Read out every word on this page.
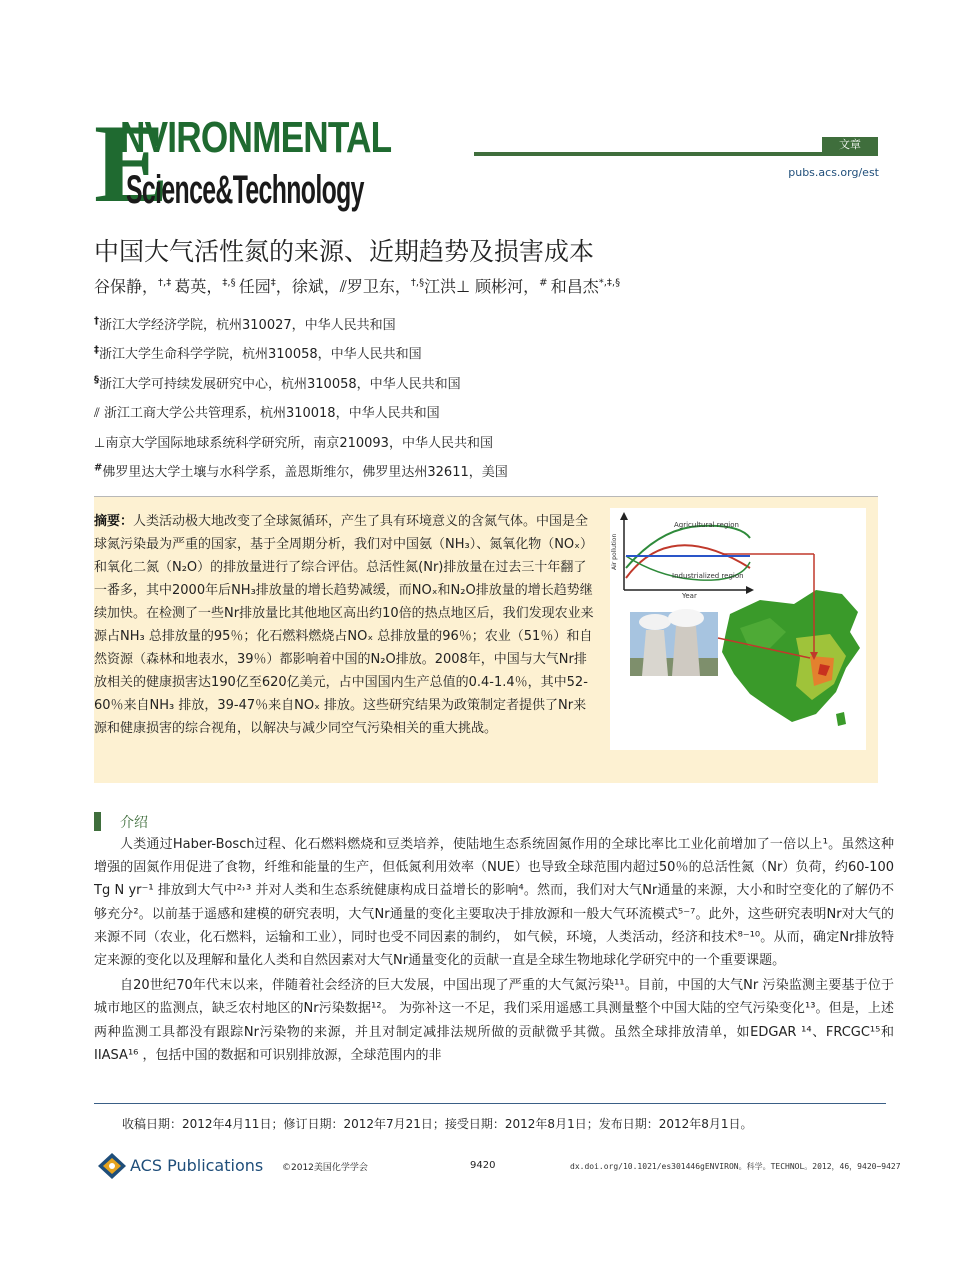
E
NVIRONMENTAL
Science&Technology
文章
pubs.acs.org/est
中国大气活性氮的来源、近期趋势及损害成本
谷保静，†,‡ 葛英，‡,§ 任园‡，徐斌，⫽罗卫东，†,§江洪⊥ 顾彬河，# 和昌杰*,‡,§
†浙江大学经济学院，杭州310027，中华人民共和国
‡浙江大学生命科学学院，杭州310058，中华人民共和国
§浙江大学可持续发展研究中心，杭州310058，中华人民共和国
⫽ 浙江工商大学公共管理系，杭州310018，中华人民共和国
⊥南京大学国际地球系统科学研究所，南京210093，中华人民共和国
#佛罗里达大学土壤与水科学系，盖恩斯维尔，佛罗里达州32611，美国
摘要：人类活动极大地改变了全球氮循环，产生了具有环境意义的含氮气体。中国是全球氮污染最为严重的国家，基于全周期分析，我们对中国氨（NH₃）、氮氧化物（NOₓ）和氧化二氮（N₂O）的排放量进行了综合评估。总活性氮(Nr)排放量在过去三十年翻了一番多，其中2000年后NH₃排放量的增长趋势减缓，而NOₓ和N₂O排放量的增长趋势继续加快。在检测了一些Nr排放量比其他地区高出约10倍的热点地区后，我们发现农业来源占NH₃ 总排放量的95％；化石燃料燃烧占NOₓ 总排放量的96％；农业（51％）和自然资源（森林和地表水，39％）都影响着中国的N₂O排放。2008年，中国与大气Nr排放相关的健康损害达190亿至620亿美元，占中国国内生产总值的0.4-1.4％，其中52-60％来自NH₃ 排放，39-47％来自NOₓ 排放。这些研究结果为政策制定者提供了Nr来源和健康损害的综合视角，以解决与减少同空气污染相关的重大挑战。
Agricultural region
Industrialized region
Air pollution
Year
介绍

人类通过Haber-Bosch过程、化石燃料燃烧和豆类培养，使陆地生态系统固氮作用的全球比率比工业化前增加了一倍以上¹。虽然这种增强的固氮作用促进了食物，纤维和能量的生产，但低氮利用效率（NUE）也导致全球范围内超过50％的总活性氮（Nr）负荷，约60-100 Tg N yr⁻¹ 排放到大气中²˒³ 并对人类和生态系统健康构成日益增长的影响⁴。然而，我们对大气Nr通量的来源，大小和时空变化的了解仍不够充分²。以前基于遥感和建模的研究表明，大气Nr通量的变化主要取决于排放源和一般大气环流模式⁵⁻⁷。此外，这些研究表明Nr对大气的来源不同（农业，化石燃料，运输和工业），同时也受不同因素的制约， 如气候，环境，人类活动，经济和技术⁸⁻¹⁰。从而，确定Nr排放特定来源的变化以及理解和量化人类和自然因素对大气Nr通量变化的贡献一直是全球生物地球化学研究中的一个重要课题。

自20世纪70年代末以来，伴随着社会经济的巨大发展，中国出现了严重的大气氮污染¹¹。目前，中国的大气Nr 污染监测主要基于位于城市地区的监测点，缺乏农村地区的Nr污染数据¹²。 为弥补这一不足，我们采用遥感工具测量整个中国大陆的空气污染变化¹³。但是，上述两种监测工具都没有跟踪Nr污染物的来源，并且对制定减排法规所做的贡献微乎其微。虽然全球排放清单，如EDGAR ¹⁴、FRCGC¹⁵和IIASA¹⁶ ，包括中国的数据和可识别排放源，全球范围内的非

收稿日期：2012年4月11日；修订日期：2012年7月21日；接受日期：2012年8月1日；发布日期：2012年8月1日。
ACS Publications ©2012美国化学学会	9420	dx.doi.org/10.1021/es301446gENVIRON。科学。TECHNOL。2012，46，9420−9427
